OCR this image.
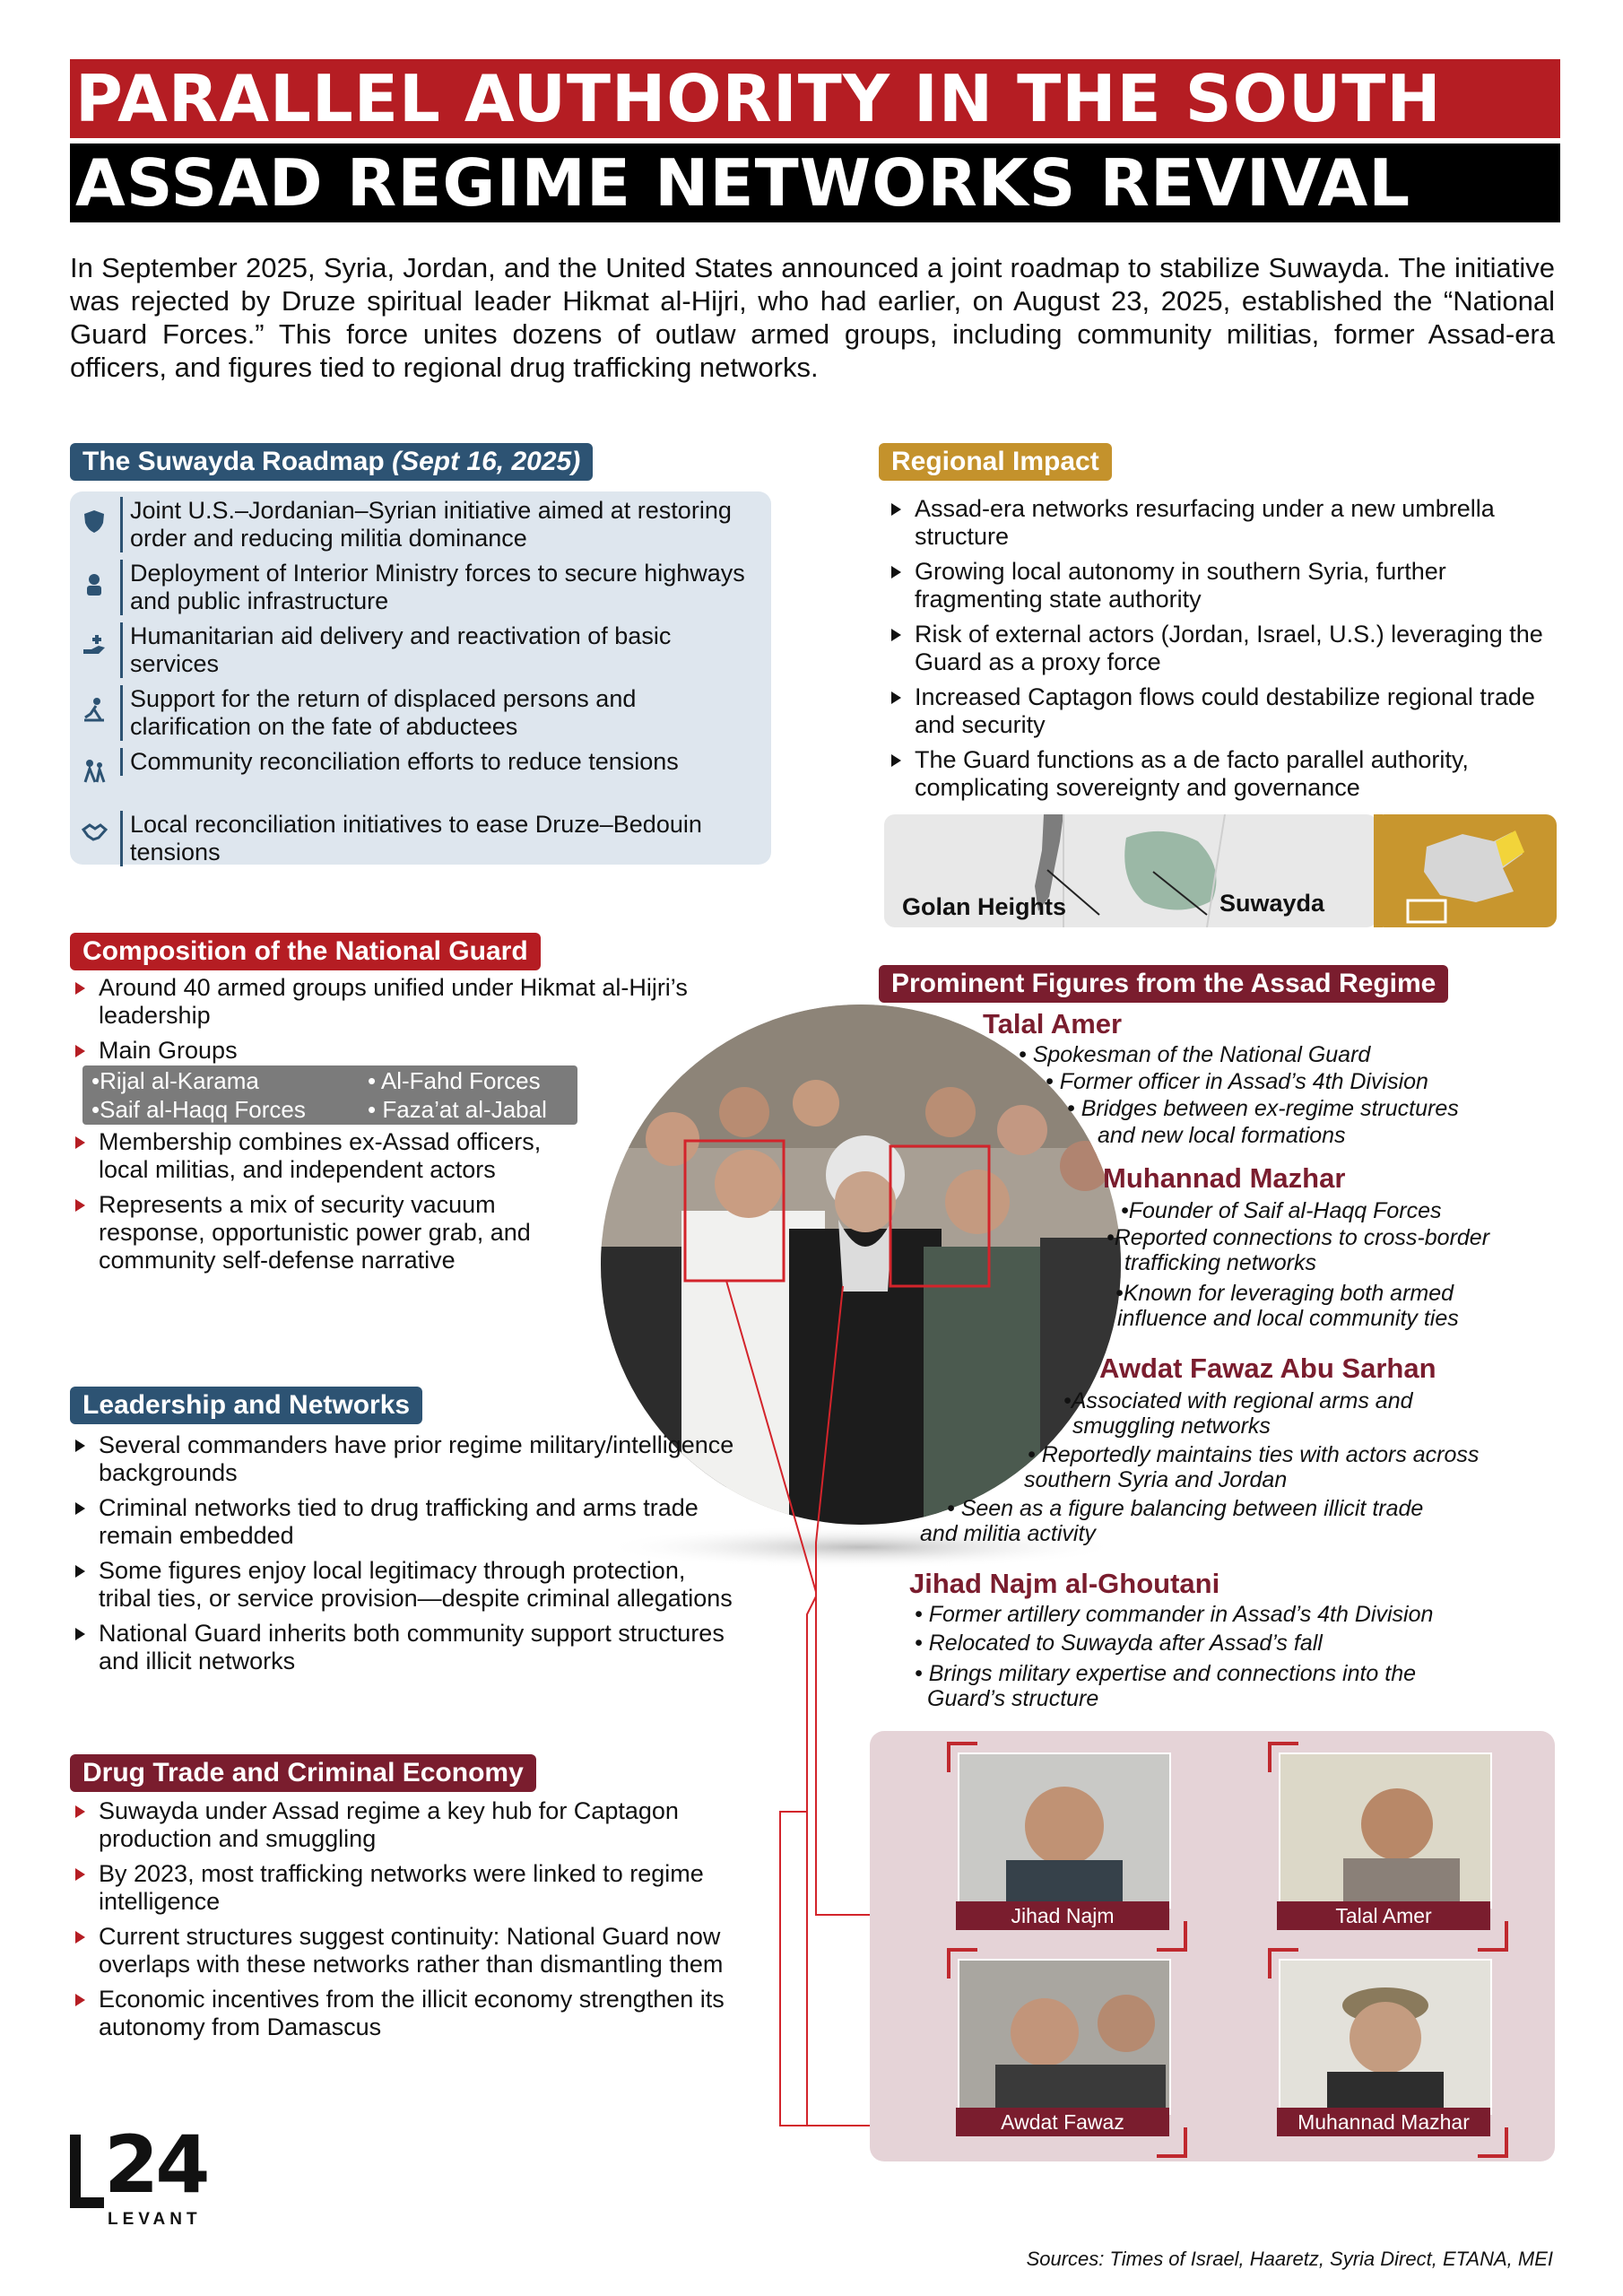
PARALLEL AUTHORITY IN THE SOUTH
ASSAD REGIME NETWORKS REVIVAL
In September 2025, Syria, Jordan, and the United States announced a joint roadmap to stabilize Suwayda. The initiative was rejected by Druze spiritual leader Hikmat al-Hijri, who had earlier, on August 23, 2025, established the “National Guard Forces.” This force unites dozens of outlaw armed groups, including community militias, former Assad-era officers, and figures tied to regional drug trafficking networks.
The Suwayda Roadmap (Sept 16, 2025)
Joint U.S.–Jordanian–Syrian initiative aimed at restoring order and reducing militia dominance
Deployment of Interior Ministry forces to secure highways and public infrastructure
Humanitarian aid delivery and reactivation of basic services
Support for the return of displaced persons and clarification on the fate of abductees
Community reconciliation efforts to reduce tensions
Local reconciliation initiatives to ease Druze–Bedouin tensions
Regional Impact
Assad-era networks resurfacing under a new umbrella structure
Growing local autonomy in southern Syria, further fragmenting state authority
Risk of external actors (Jordan, Israel, U.S.) leveraging the Guard as a proxy force
Increased Captagon flows could destabilize regional trade and security
The Guard functions as a de facto parallel authority, complicating sovereignty and governance
Golan Heights	Suwayda
Composition of the National Guard
Around 40 armed groups unified under Hikmat al-Hijri’s leadership
Main Groups
•Rijal al-Karama	• Al-Fahd Forces
•Saif al-Haqq Forces	• Faza’at al-Jabal
Membership combines ex-Assad officers, local militias, and independent actors
Represents a mix of security vacuum response, opportunistic power grab, and community self-defense narrative
Leadership and Networks
Several commanders have prior regime military/intelligence backgrounds
Criminal networks tied to drug trafficking and arms trade remain embedded
Some figures enjoy local legitimacy through protection, tribal ties, or service provision—despite criminal allegations
National Guard inherits both community support structures and illicit networks
Drug Trade and Criminal Economy
Suwayda under Assad regime a key hub for Captagon production and smuggling
By 2023, most trafficking networks were linked to regime intelligence
Current structures suggest continuity: National Guard now overlaps with these networks rather than dismantling them
Economic incentives from the illicit economy strengthen its autonomy from Damascus
Prominent Figures from the Assad Regime
Talal Amer
• Spokesman of the National Guard
• Former officer in Assad’s 4th Division
• Bridges between ex-regime structures
and new local formations
Muhannad Mazhar
•Founder of Saif al-Haqq Forces
•Reported connections to cross-border
trafficking networks
•Known for leveraging both armed
influence and local community ties
Awdat Fawaz Abu Sarhan
•Associated with regional arms and
smuggling networks
• Reportedly maintains ties with actors across
southern Syria and Jordan
• Seen as a figure balancing between illicit trade
and militia activity
Jihad Najm al-Ghoutani
• Former artillery commander in Assad’s 4th Division
• Relocated to Suwayda after Assad’s fall
• Brings military expertise and connections into the
Guard’s structure
Jihad Najm	Talal Amer
Awdat Fawaz	Muhannad Mazhar
24
LEVANT
Sources: Times of Israel, Haaretz, Syria Direct, ETANA, MEI
